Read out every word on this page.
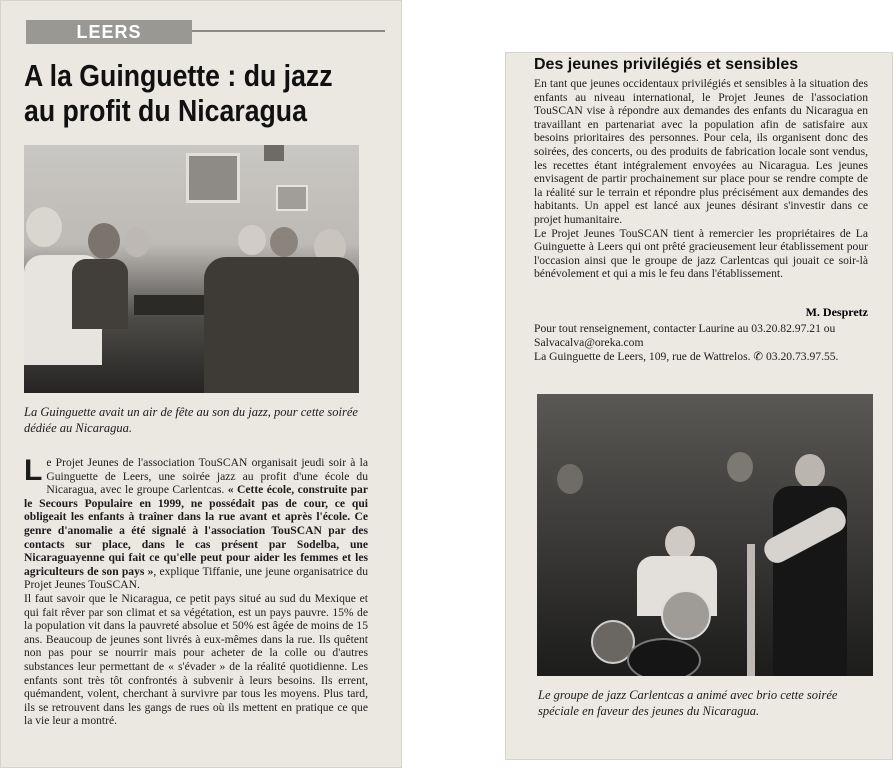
LEERS
A la Guinguette : du jazz
au profit du Nicaragua
La Guinguette avait un air de fête au son du jazz, pour cette soirée dédiée au Nicaragua.
Le Projet Jeunes de l'association TouSCAN organisait jeudi soir à la Guinguette de Leers, une soirée jazz au profit d'une école du Nicaragua, avec le groupe Carlentcas. « Cette école, construite par le Secours Populaire en 1999, ne possédait pas de cour, ce qui obligeait les enfants à traîner dans la rue avant et après l'école. Ce genre d'anomalie a été signalé à l'association TouSCAN par des contacts sur place, dans le cas présent par Sodelba, une Nicaraguayenne qui fait ce qu'elle peut pour aider les femmes et les agriculteurs de son pays », explique Tiffanie, une jeune organisatrice du Projet Jeunes TouSCAN.
Il faut savoir que le Nicaragua, ce petit pays situé au sud du Mexique et qui fait rêver par son climat et sa végétation, est un pays pauvre. 15% de la population vit dans la pauvreté absolue et 50% est âgée de moins de 15 ans. Beaucoup de jeunes sont livrés à eux-mêmes dans la rue. Ils quêtent non pas pour se nourrir mais pour acheter de la colle ou d'autres substances leur permettant de « s'évader » de la réalité quotidienne. Les enfants sont très tôt confrontés à subvenir à leurs besoins. Ils errent, quémandent, volent, cherchant à survivre par tous les moyens. Plus tard, ils se retrouvent dans les gangs de rues où ils mettent en pratique ce que la vie leur a montré.
Des jeunes privilégiés et sensibles
En tant que jeunes occidentaux privilégiés et sensibles à la situation des enfants au niveau international, le Projet Jeunes de l'association TouSCAN vise à répondre aux demandes des enfants du Nicaragua en travaillant en partenariat avec la population afin de satisfaire aux besoins prioritaires des personnes. Pour cela, ils organisent donc des soirées, des concerts, ou des produits de fabrication locale sont vendus, les recettes étant intégralement envoyées au Nicaragua. Les jeunes envisagent de partir prochainement sur place pour se rendre compte de la réalité sur le terrain et répondre plus précisément aux demandes des habitants. Un appel est lancé aux jeunes désirant s'investir dans ce projet humanitaire.
Le Projet Jeunes TouSCAN tient à remercier les propriétaires de La Guinguette à Leers qui ont prêté gracieusement leur établissement pour l'occasion ainsi que le groupe de jazz Carlentcas qui jouait ce soir-là bénévolement et qui a mis le feu dans l'établissement.
M. Despretz
Pour tout renseignement, contacter Laurine au 03.20.82.97.21 ou Salvacalva@oreka.com
La Guinguette de Leers, 109, rue de Wattrelos. ✆ 03.20.73.97.55.
Le groupe de jazz Carlentcas a animé avec brio cette soirée spéciale en faveur des jeunes du Nicaragua.
